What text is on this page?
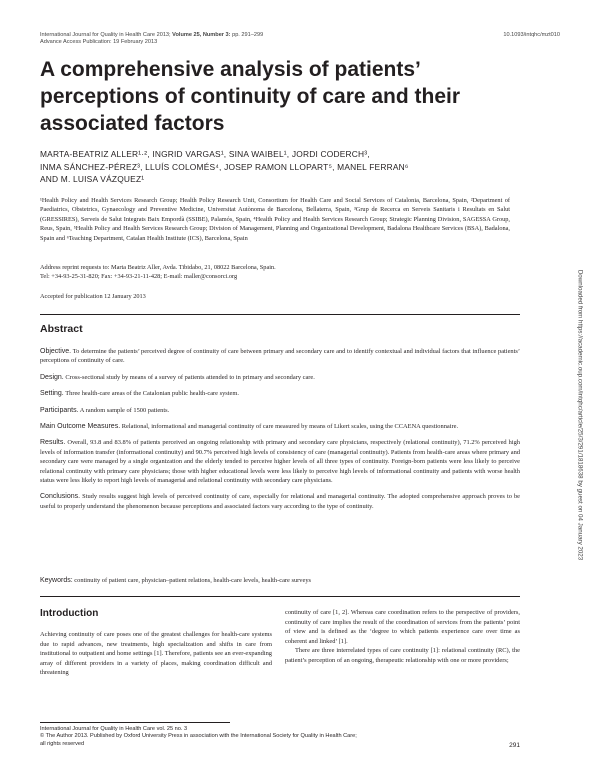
International Journal for Quality in Health Care 2013; Volume 25, Number 3: pp. 291–299
Advance Access Publication: 19 February 2013
10.1093/intqhc/mzt010
A comprehensive analysis of patients’ perceptions of continuity of care and their associated factors
MARTA-BEATRIZ ALLER¹·², INGRID VARGAS¹, SINA WAIBEL¹, JORDI CODERCH³,
INMA SÁNCHEZ-PÉREZ³, LLUÍS COLOMÉS⁴, JOSEP RAMON LLOPART⁵, MANEL FERRAN⁶
AND M. LUISA VÁZQUEZ¹
¹Health Policy and Health Services Research Group; Health Policy Research Unit, Consortium for Health Care and Social Services of Catalonia, Barcelona, Spain, ²Department of Paediatrics, Obstetrics, Gynaecology and Preventive Medicine, Universitat Autònoma de Barcelona, Bellaterra, Spain, ³Grup de Recerca en Serveis Sanitaris i Resultats en Salut (GRESSIRES), Serveis de Salut Integrats Baix Empordà (SSIBE), Palamós, Spain, ⁴Health Policy and Health Services Research Group; Strategic Planning Division, SAGESSA Group, Reus, Spain, ⁵Health Policy and Health Services Research Group; Division of Management, Planning and Organizational Development, Badalona Healthcare Services (BSA), Badalona, Spain and ⁶Teaching Department, Catalan Health Institute (ICS), Barcelona, Spain
Address reprint requests to: Marta Beatriz Aller, Avda. Tibidabo, 21, 08022 Barcelona, Spain.
Tel: +34-93-25-31-820; Fax: +34-93-21-11-428; E-mail: maller@consorci.org
Accepted for publication 12 January 2013
Abstract

Objective. To determine the patients’ perceived degree of continuity of care between primary and secondary care and to identify contextual and individual factors that influence patients’ perceptions of continuity of care.

Design. Cross-sectional study by means of a survey of patients attended to in primary and secondary care.

Setting. Three health-care areas of the Catalonian public health-care system.

Participants. A random sample of 1500 patients.

Main Outcome Measures. Relational, informational and managerial continuity of care measured by means of Likert scales, using the CCAENA questionnaire.

Results. Overall, 93.8 and 83.8% of patients perceived an ongoing relationship with primary and secondary care physicians, respectively (relational continuity), 71.2% perceived high levels of information transfer (informational continuity) and 90.7% perceived high levels of consistency of care (managerial continuity). Patients from health-care areas where primary and secondary care were managed by a single organization and the elderly tended to perceive higher levels of all three types of continuity. Foreign-born patients were less likely to perceive relational continuity with primary care physicians; those with higher educational levels were less likely to perceive high levels of informational continuity and patients with worse health status were less likely to report high levels of managerial and relational continuity with secondary care physicians.

Conclusions. Study results suggest high levels of perceived continuity of care, especially for relational and managerial continuity. The adopted comprehensive approach proves to be useful to properly understand the phenomenon because perceptions and associated factors vary according to the type of continuity.

Keywords: continuity of patient care, physician–patient relations, health-care levels, health-care surveys
Introduction

Achieving continuity of care poses one of the greatest challenges for health-care systems due to rapid advances, new treatments, high specialization and shifts in care from institutional to outpatient and home settings [1]. Therefore, patients see an ever-expanding array of different providers in a variety of places, making coordination difficult and threatening

continuity of care [1, 2]. Whereas care coordination refers to the perspective of providers, continuity of care implies the result of the coordination of services from the patients’ point of view and is defined as the ‘degree to which patients experience care over time as coherent and linked’ [1].

There are three interrelated types of care continuity [1]: relational continuity (RC), the patient’s perception of an ongoing, therapeutic relationship with one or more providers;

International Journal for Quality in Health Care vol. 25 no. 3
© The Author 2013. Published by Oxford University Press in association with the International Society for Quality in Health Care;
all rights reserved	291
Downloaded from https://academic.oup.com/intqhc/article/25/3/291/1818638 by guest on 04 January 2023
